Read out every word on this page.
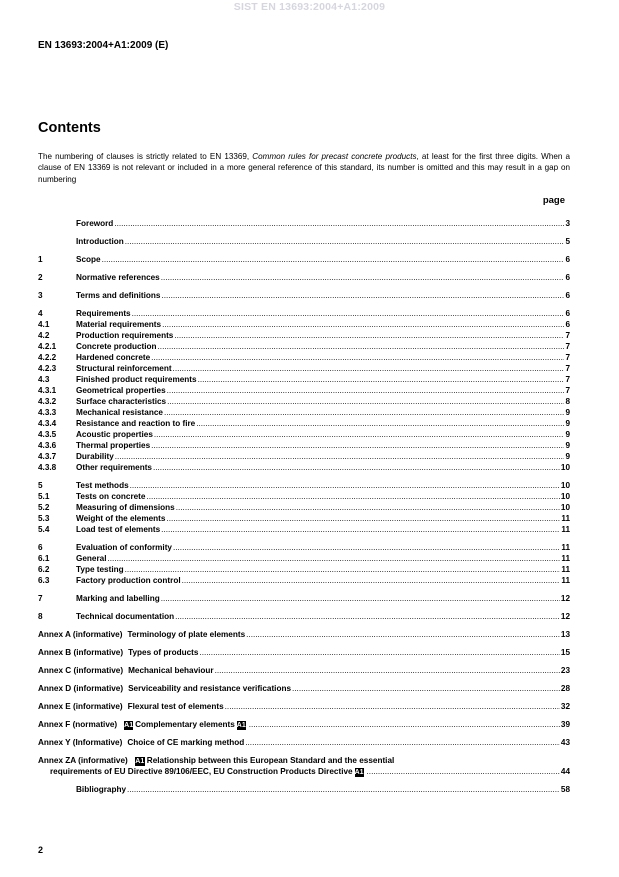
SIST EN 13693:2004+A1:2009
EN 13693:2004+A1:2009 (E)
Contents
The numbering of clauses is strictly related to EN 13369, Common rules for precast concrete products, at least for the first three digits. When a clause of EN 13369 is not relevant or included in a more general reference of this standard, its number is omitted and this may result in a gap on numbering
page
Foreword .....	3
Introduction .....	5
1	Scope .....	6
2	Normative references .....	6
3	Terms and definitions .....	6
4	Requirements .....	6
4.1	Material requirements .....	6
4.2	Production requirements .....	7
4.2.1	Concrete production .....	7
4.2.2	Hardened concrete .....	7
4.2.3	Structural reinforcement .....	7
4.3	Finished product requirements .....	7
4.3.1	Geometrical properties .....	7
4.3.2	Surface characteristics .....	8
4.3.3	Mechanical resistance .....	9
4.3.4	Resistance and reaction to fire .....	9
4.3.5	Acoustic properties .....	9
4.3.6	Thermal properties .....	9
4.3.7	Durability .....	9
4.3.8	Other requirements .....	10
5	Test methods .....	10
5.1	Tests on concrete .....	10
5.2	Measuring of dimensions .....	10
5.3	Weight of the elements .....	11
5.4	Load test of elements .....	11
6	Evaluation of conformity .....	11
6.1	General .....	11
6.2	Type testing .....	11
6.3	Factory production control .....	11
7	Marking and labelling .....	12
8	Technical documentation .....	12
Annex A (informative) Terminology of plate elements .....	13
Annex B (informative) Types of products .....	15
Annex C (informative) Mechanical behaviour .....	23
Annex D (informative) Serviceability and resistance verifications .....	28
Annex E (informative) Flexural test of elements .....	32
Annex F (normative) A1 Complementary elements A1 .....	39
Annex Y (Informative) Choice of CE marking method .....	43
Annex ZA (informative) A1 Relationship between this European Standard and the essential
requirements of EU Directive 89/106/EEC, EU Construction Products Directive A1 .....	44
Bibliography .....	58
2
